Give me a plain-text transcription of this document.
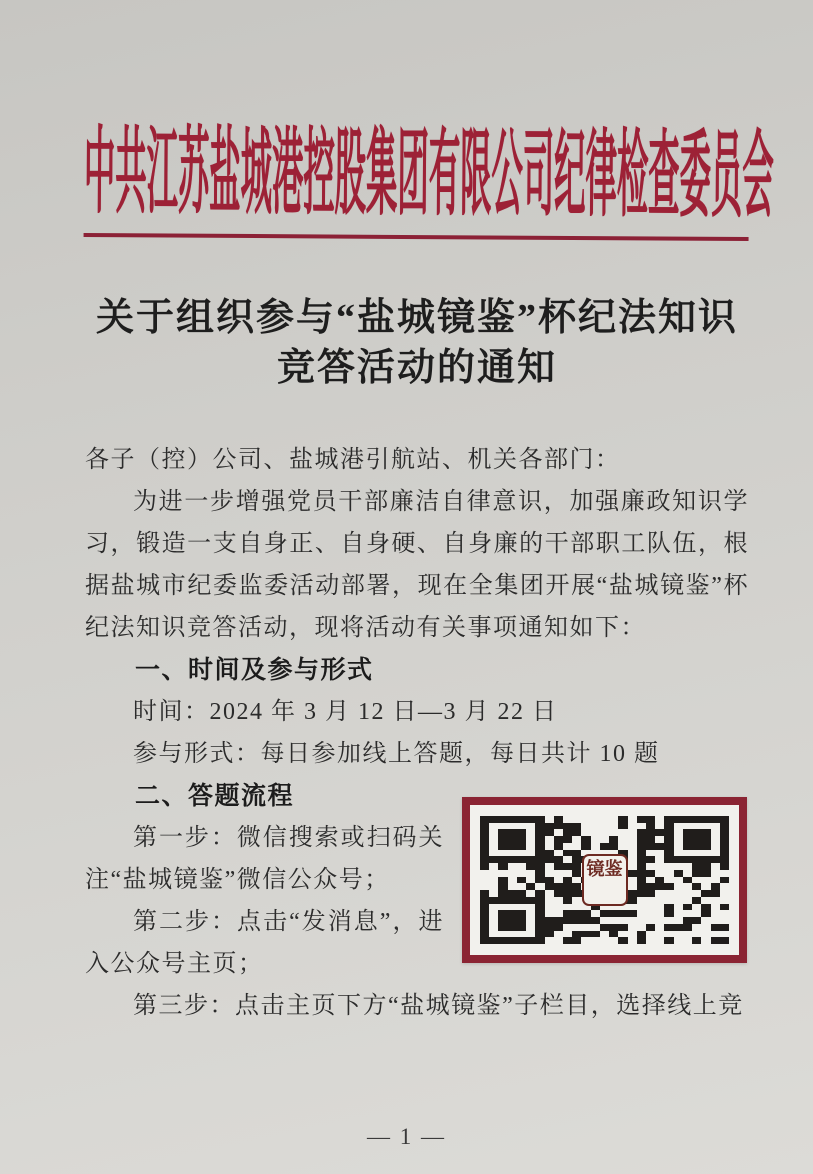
中共江苏盐城港控股集团有限公司纪律检查委员会
关于组织参与“盐城镜鉴”杯纪法知识
竞答活动的通知

各子（控）公司、盐城港引航站、机关各部门：

为进一步增强党员干部廉洁自律意识，加强廉政知识学习，锻造一支自身正、自身硬、自身廉的干部职工队伍，根据盐城市纪委监委活动部署，现在全集团开展“盐城镜鉴”杯纪法知识竞答活动，现将活动有关事项通知如下：

一、时间及参与形式

时间：2024 年 3 月 12 日—3 月 22 日

参与形式：每日参加线上答题，每日共计 10 题

二、答题流程

镜鉴

第一步：微信搜索或扫码关注“盐城镜鉴”微信公众号；

第二步：点击“发消息”，进入公众号主页；

第三步：点击主页下方“盐城镜鉴”子栏目，选择线上竞

— 1 —
